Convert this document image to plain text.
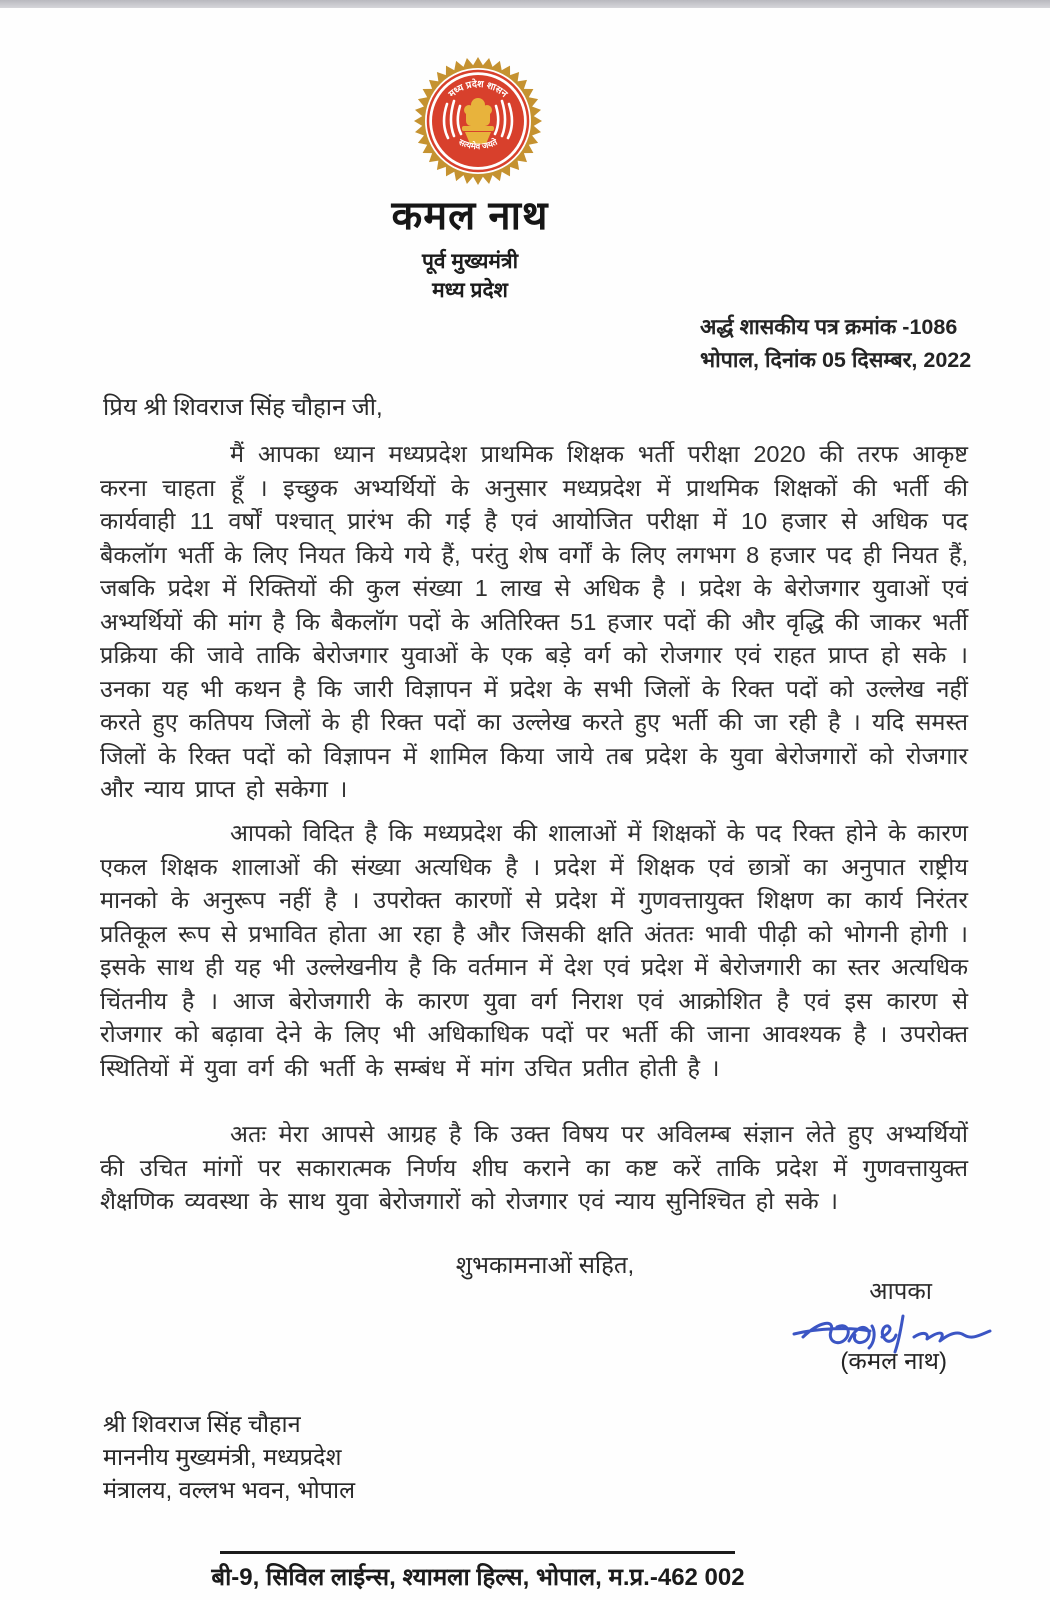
मध्य प्रदेश शासन
सत्यमेव जयते
कमल नाथ
पूर्व मुख्यमंत्री
मध्य प्रदेश
अर्द्ध शासकीय पत्र क्रमांक -1086
भोपाल, दिनांक 05 दिसम्बर, 2022
प्रिय श्री शिवराज सिंह चौहान जी,

मैं आपका ध्यान मध्यप्रदेश प्राथमिक शिक्षक भर्ती परीक्षा 2020 की तरफ आकृष्ट करना चाहता हूँ । इच्छुक अभ्यर्थियों के अनुसार मध्यप्रदेश में प्राथमिक शिक्षकों की भर्ती की कार्यवाही 11 वर्षों पश्चात् प्रारंभ की गई है एवं आयोजित परीक्षा में 10 हजार से अधिक पद बैकलॉग भर्ती के लिए नियत किये गये हैं, परंतु शेष वर्गों के लिए लगभग 8 हजार पद ही नियत हैं, जबकि प्रदेश में रिक्तियों की कुल संख्या 1 लाख से अधिक है । प्रदेश के बेरोजगार युवाओं एवं अभ्यर्थियों की मांग है कि बैकलॉग पदों के अतिरिक्त 51 हजार पदों की और वृद्धि की जाकर भर्ती प्रक्रिया की जावे ताकि बेरोजगार युवाओं के एक बड़े वर्ग को रोजगार एवं राहत प्राप्त हो सके । उनका यह भी कथन है कि जारी विज्ञापन में प्रदेश के सभी जिलों के रिक्त पदों को उल्लेख नहीं करते हुए कतिपय जिलों के ही रिक्त पदों का उल्लेख करते हुए भर्ती की जा रही है । यदि समस्त जिलों के रिक्त पदों को विज्ञापन में शामिल किया जाये तब प्रदेश के युवा बेरोजगारों को रोजगार और न्याय प्राप्त हो सकेगा ।

आपको विदित है कि मध्यप्रदेश की शालाओं में शिक्षकों के पद रिक्त होने के कारण एकल शिक्षक शालाओं की संख्या अत्यधिक है । प्रदेश में शिक्षक एवं छात्रों का अनुपात राष्ट्रीय मानको के अनुरूप नहीं है । उपरोक्त कारणों से प्रदेश में गुणवत्तायुक्त शिक्षण का कार्य निरंतर प्रतिकूल रूप से प्रभावित होता आ रहा है और जिसकी क्षति अंततः भावी पीढ़ी को भोगनी होगी । इसके साथ ही यह भी उल्लेखनीय है कि वर्तमान में देश एवं प्रदेश में बेरोजगारी का स्तर अत्यधिक चिंतनीय है । आज बेरोजगारी के कारण युवा वर्ग निराश एवं आक्रोशित है एवं इस कारण से रोजगार को बढ़ावा देने के लिए भी अधिकाधिक पदों पर भर्ती की जाना आवश्यक है । उपरोक्त स्थितियों में युवा वर्ग की भर्ती के सम्बंध में मांग उचित प्रतीत होती है ।

अतः मेरा आपसे आग्रह है कि उक्त विषय पर अविलम्ब संज्ञान लेते हुए अभ्यर्थियों की उचित मांगों पर सकारात्मक निर्णय शीघ कराने का कष्ट करें ताकि प्रदेश में गुणवत्तायुक्त शैक्षणिक व्यवस्था के साथ युवा बेरोजगारों को रोजगार एवं न्याय सुनिश्चित हो सके ।

शुभकामनाओं सहित,
आपका
(कमल नाथ)
श्री शिवराज सिंह चौहान
माननीय मुख्यमंत्री, मध्यप्रदेश
मंत्रालय, वल्लभ भवन, भोपाल
बी-9, सिविल लाईन्स, श्यामला हिल्स, भोपाल, म.प्र.-462 002
